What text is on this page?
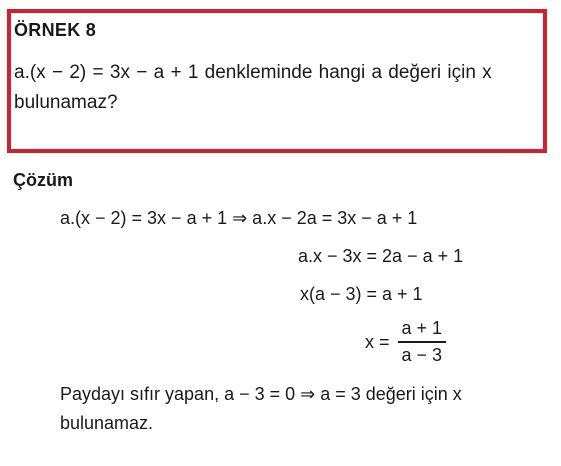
ÖRNEK 8
a.(x − 2) = 3x − a + 1 denkleminde hangi a değeri için x bulunamaz?
Çözüm
a.(x − 2) = 3x − a + 1 ⇒ a.x − 2a = 3x − a + 1
a.x − 3x = 2a − a + 1
x(a − 3) = a + 1
$x = \frac{a + 1}{a - 3}$
Paydayı sıfır yapan, a − 3 = 0 ⇒ a = 3 değeri için x bulunamaz.
